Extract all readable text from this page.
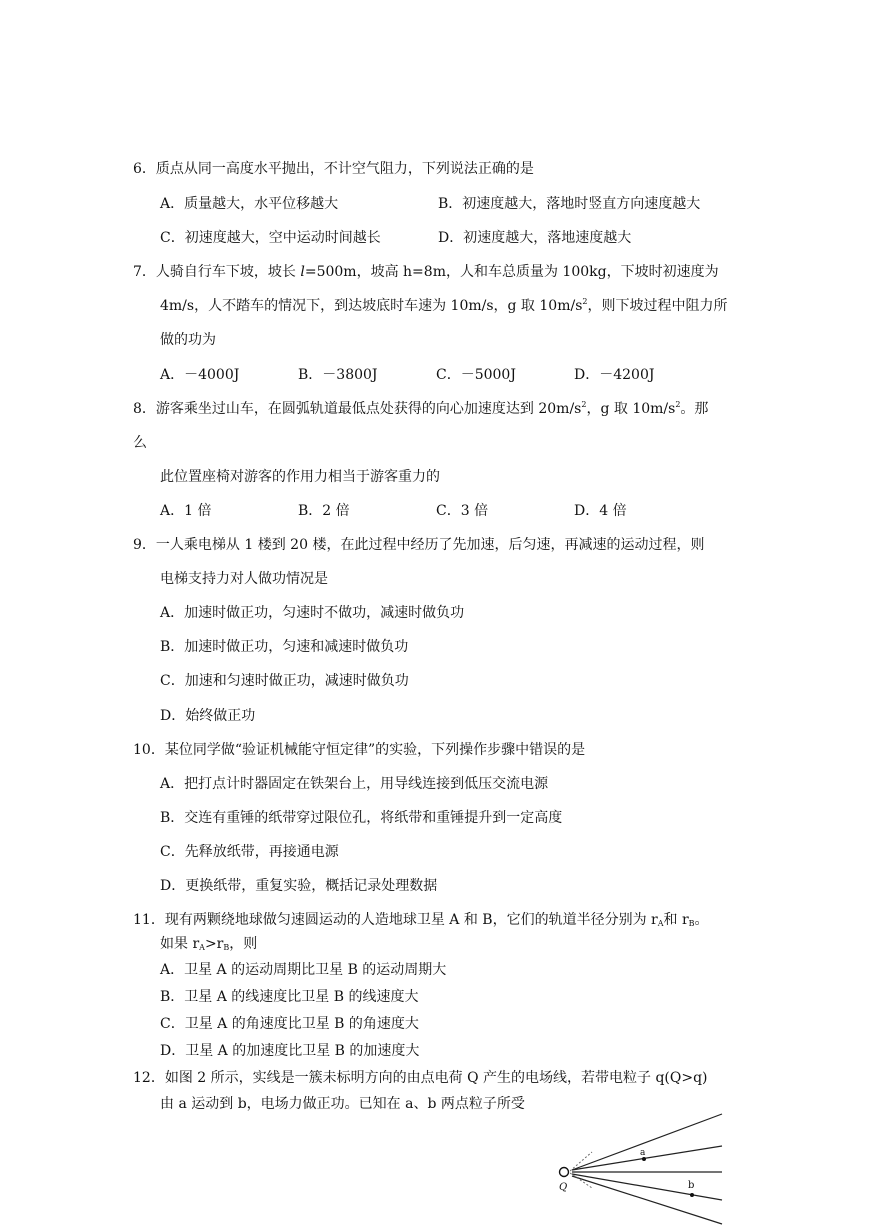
6．质点从同一高度水平抛出，不计空气阻力，下列说法正确的是
A．质量越大，水平位移越大	B．初速度越大，落地时竖直方向速度越大
C．初速度越大，空中运动时间越长	D．初速度越大，落地速度越大
7．人骑自行车下坡，坡长 l=500m，坡高 h=8m，人和车总质量为 100kg，下坡时初速度为
4m/s，人不踏车的情况下，到达坡底时车速为 10m/s，g 取 $10m/s^2$，则下坡过程中阻力所
做的功为
A．－4000J	B．－3800J	C．－5000J	D．－4200J
8．游客乘坐过山车，在圆弧轨道最低点处获得的向心加速度达到 $20m/s^2$，g 取 $10m/s^2$。那
么
此位置座椅对游客的作用力相当于游客重力的
A．1 倍	B．2 倍	C．3 倍	D．4 倍
9．一人乘电梯从 1 楼到 20 楼，在此过程中经历了先加速，后匀速，再减速的运动过程，则
电梯支持力对人做功情况是
A．加速时做正功，匀速时不做功，减速时做负功
B．加速时做正功，匀速和减速时做负功
C．加速和匀速时做正功，减速时做负功
D．始终做正功
10．某位同学做“验证机械能守恒定律”的实验，下列操作步骤中错误的是
A．把打点计时器固定在铁架台上，用导线连接到低压交流电源
B．交连有重锤的纸带穿过限位孔，将纸带和重锤提升到一定高度
C．先释放纸带，再接通电源
D．更换纸带，重复实验，概括记录处理数据
11．现有两颗绕地球做匀速圆运动的人造地球卫星 A 和 B，它们的轨道半径分别为 $r_A$和 $r_B$。
如果 $r_A>r_B$，则
A．卫星 A 的运动周期比卫星 B 的运动周期大
B．卫星 A 的线速度比卫星 B 的线速度大
C．卫星 A 的角速度比卫星 B 的角速度大
D．卫星 A 的加速度比卫星 B 的加速度大
12．如图 2 所示，实线是一簇未标明方向的由点电荷 Q 产生的电场线，若带电粒子 q(Q>q)
由 a 运动到 b，电场力做正功。已知在 a、b 两点粒子所受
Q
a
b
